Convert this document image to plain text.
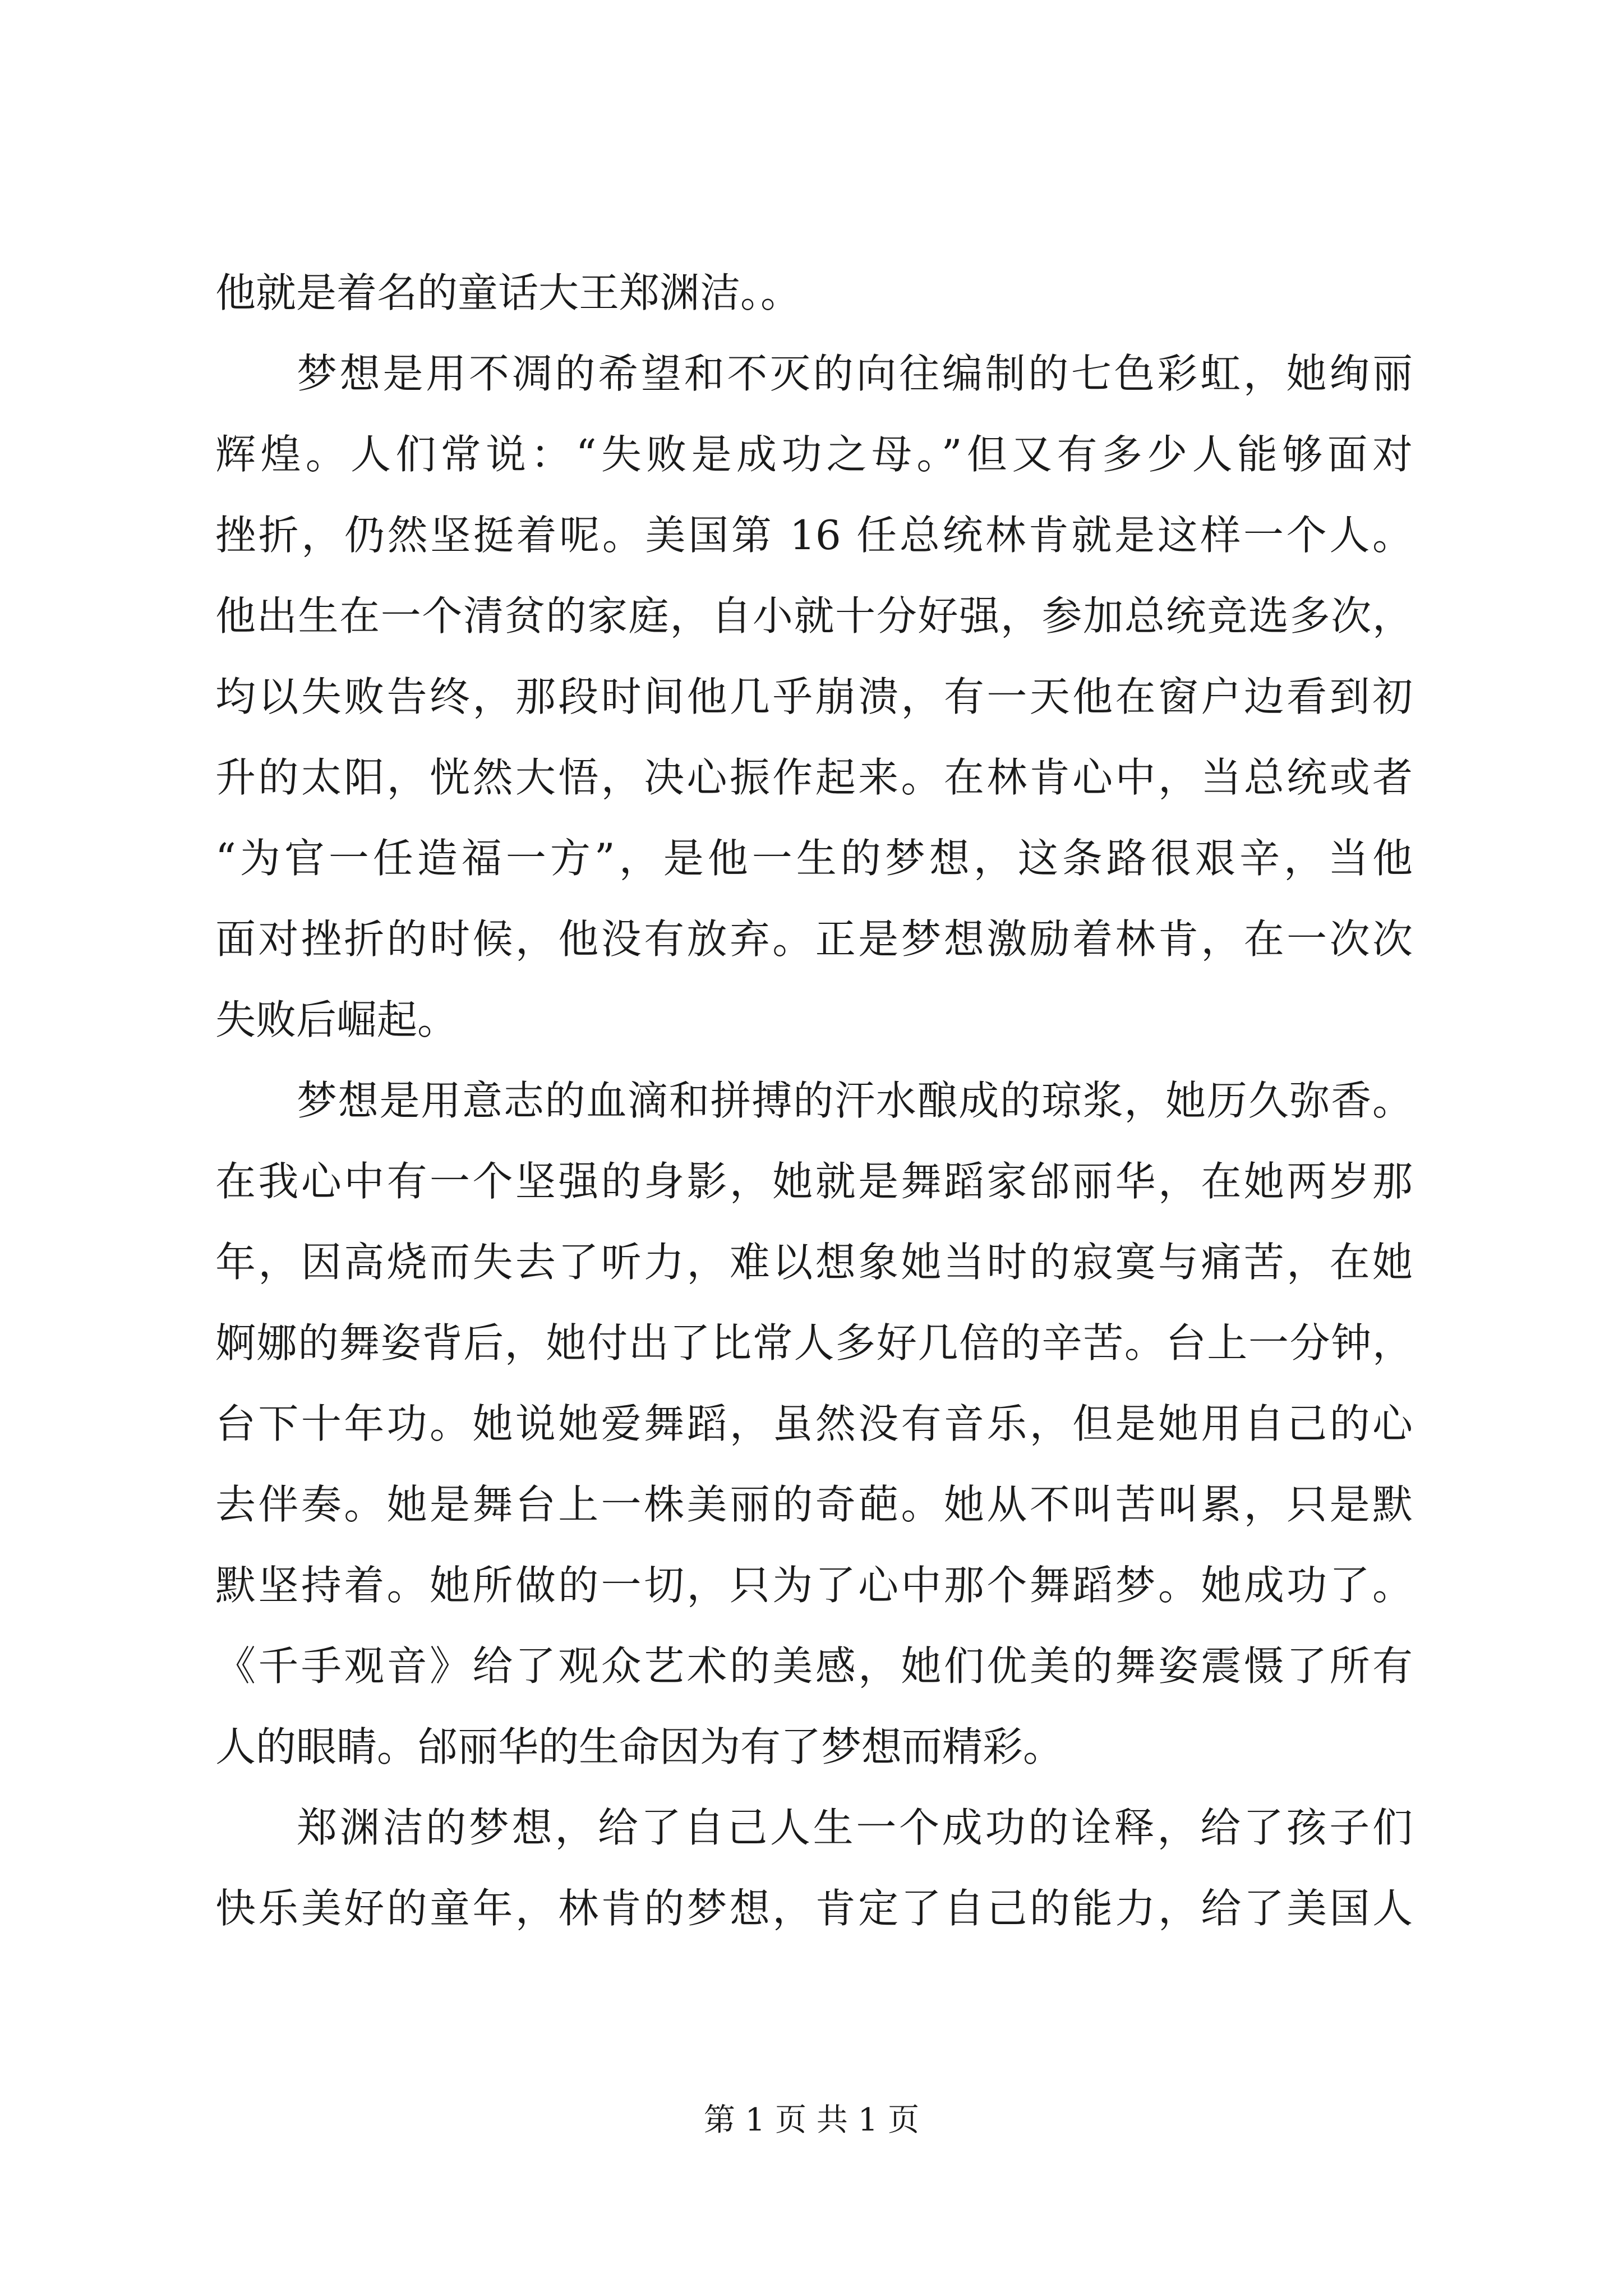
他就是着名的童话大王郑渊洁。。
梦想是用不凋的希望和不灭的向往编制的七色彩虹，她绚丽
辉煌。人们常说：“失败是成功之母。”但又有多少人能够面对
挫折，仍然坚挺着呢。美国第 16 任总统林肯就是这样一个人。
他出生在一个清贫的家庭，自小就十分好强，参加总统竞选多次，
均以失败告终，那段时间他几乎崩溃，有一天他在窗户边看到初
升的太阳，恍然大悟，决心振作起来。在林肯心中，当总统或者
“为官一任造福一方”，是他一生的梦想，这条路很艰辛，当他
面对挫折的时候，他没有放弃。正是梦想激励着林肯，在一次次
失败后崛起。
梦想是用意志的血滴和拼搏的汗水酿成的琼浆，她历久弥香。
在我心中有一个坚强的身影，她就是舞蹈家邰丽华，在她两岁那
年，因高烧而失去了听力，难以想象她当时的寂寞与痛苦，在她
婀娜的舞姿背后，她付出了比常人多好几倍的辛苦。台上一分钟，
台下十年功。她说她爱舞蹈，虽然没有音乐，但是她用自己的心
去伴奏。她是舞台上一株美丽的奇葩。她从不叫苦叫累，只是默
默坚持着。她所做的一切，只为了心中那个舞蹈梦。她成功了。
《千手观音》给了观众艺术的美感，她们优美的舞姿震慑了所有
人的眼睛。邰丽华的生命因为有了梦想而精彩。
郑渊洁的梦想，给了自己人生一个成功的诠释，给了孩子们
快乐美好的童年，林肯的梦想，肯定了自己的能力，给了美国人
第 1 页 共 1 页
